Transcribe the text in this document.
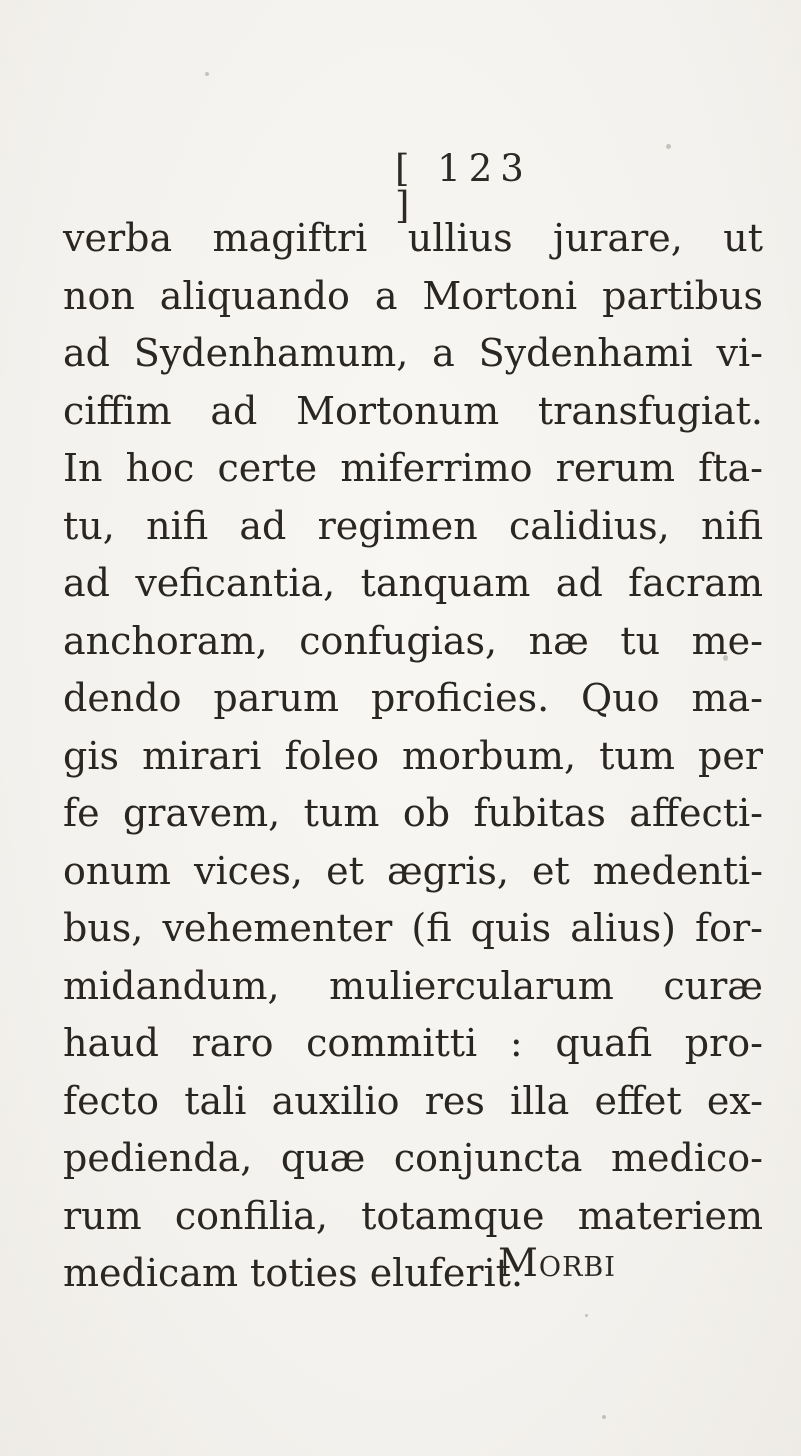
[ 123 ]
verba magiftri ullius jurare, ut
non aliquando a Mortoni partibus
ad Sydenhamum, a Sydenhami vi-
ciffim ad Mortonum transfugiat.
In hoc certe miferrimo rerum fta-
tu, nifi ad regimen calidius, nifi
ad veficantia, tanquam ad facram
anchoram, confugias, næ tu me-
dendo parum proficies. Quo ma-
gis mirari foleo morbum, tum per
fe gravem, tum ob fubitas affecti-
onum vices, et ægris, et medenti-
bus, vehementer (fi quis alius) for-
midandum, muliercularum curæ
haud raro committi : quafi pro-
fecto tali auxilio res illa effet ex-
pedienda, quæ conjuncta medico-
rum confilia, totamque materiem
medicam toties eluferit.
Morbi
